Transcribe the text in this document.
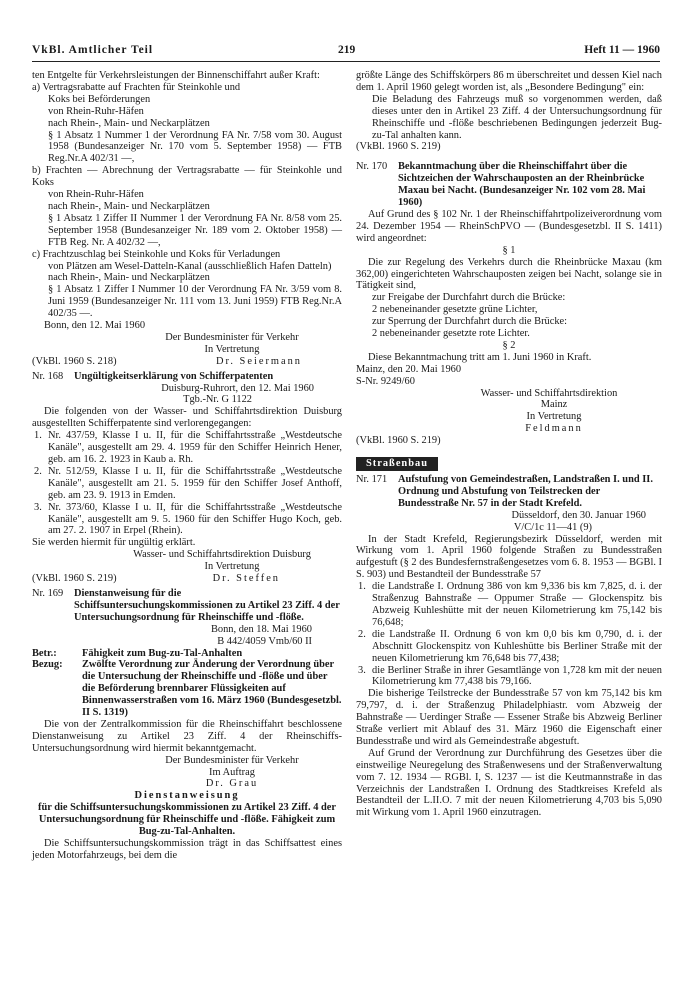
VkBl. Amtlicher Teil	219	Heft 11 — 1960

ten Entgelte für Verkehrsleistungen der Binnenschiffahrt außer Kraft:

a) Vertragsrabatte auf Frachten für Steinkohle und

Koks bei Beförderungen

von Rhein-Ruhr-Häfen

nach Rhein-, Main- und Neckarplätzen

§ 1 Absatz 1 Nummer 1 der Verordnung FA Nr. 7/58 vom 30. August 1958 (Bundesanzeiger Nr. 170 vom 5. September 1958) — FTB Reg.Nr.A 402/31 —,

b) Frachten — Abrechnung der Vertragsrabatte — für Steinkohle und Koks

von Rhein-Ruhr-Häfen

nach Rhein-, Main- und Neckarplätzen

§ 1 Absatz 1 Ziffer II Nummer 1 der Verordnung FA Nr. 8/58 vom 25. September 1958 (Bundesanzeiger Nr. 189 vom 2. Oktober 1958) — FTB Reg. Nr. A 402/32 —,

c) Frachtzuschlag bei Steinkohle und Koks für Verladungen

von Plätzen am Wesel-Datteln-Kanal (ausschließlich Hafen Datteln)

nach Rhein-, Main- und Neckarplätzen

§ 1 Absatz 1 Ziffer I Nummer 10 der Verordnung FA Nr. 3/59 vom 8. Juni 1959 (Bundesanzeiger Nr. 111 vom 13. Juni 1959) FTB Reg.Nr.A 402/35 —.

Bonn, den 12. Mai 1960

Der Bundesminister für Verkehr

In Vertretung

(VkBl. 1960 S. 218)	Dr. Seiermann
Nr. 168 Ungültigkeitserklärung von Schifferpatenten

Duisburg-Ruhrort, den 12. Mai 1960

Tgb.-Nr. G 1122

Die folgenden von der Wasser- und Schiffahrtsdirektion Duisburg ausgestellten Schifferpatente sind verlorengegangen:

1. Nr. 437/59, Klasse I u. II, für die Schiffahrtsstraße „Westdeutsche Kanäle", ausgestellt am 29. 4. 1959 für den Schiffer Heinrich Hener, geb. am 16. 2. 1923 in Kaub a. Rh.
2. Nr. 512/59, Klasse I u. II, für die Schiffahrtsstraße „Westdeutsche Kanäle", ausgestellt am 21. 5. 1959 für den Schiffer Josef Anthoff, geb. am 23. 9. 1913 in Emden.
3. Nr. 373/60, Klasse I u. II, für die Schiffahrtsstraße „Westdeutsche Kanäle", ausgestellt am 9. 5. 1960 für den Schiffer Hugo Koch, geb. am 27. 2. 1907 in Erpel (Rhein).

Sie werden hiermit für ungültig erklärt.

Wasser- und Schiffahrtsdirektion Duisburg

In Vertretung

(VkBl. 1960 S. 219)	Dr. Steffen
Nr. 169 Dienstanweisung für die Schiffsuntersuchungskommissionen zu Artikel 23 Ziff. 4 der Untersuchungsordnung für Rheinschiffe und -flöße.

Bonn, den 18. Mai 1960

B 442/4059 Vmb/60 II

Betr.: Fähigkeit zum Bug-zu-Tal-Anhalten
Bezug: Zwölfte Verordnung zur Änderung der Verordnung über die Untersuchung der Rheinschiffe und -flöße und über die Beförderung brennbarer Flüssigkeiten auf Binnenwasserstraßen vom 16. März 1960 (Bundesgesetzbl. II S. 1319)

Die von der Zentralkommission für die Rheinschiffahrt beschlossene Dienstanweisung zu Artikel 23 Ziff. 4 der Rheinschiffs-Untersuchungsordnung wird hiermit bekanntgemacht.

Der Bundesminister für Verkehr

Im Auftrag

Dr. Grau

Dienstanweisung

für die Schiffsuntersuchungskommissionen zu Artikel 23 Ziff. 4 der Untersuchungsordnung für Rheinschiffe und -flöße. Fähigkeit zum Bug-zu-Tal-Anhalten.

Die Schiffsuntersuchungskommission trägt in das Schiffsattest eines jeden Motorfahrzeugs, bei dem die

größte Länge des Schiffskörpers 86 m überschreitet und dessen Kiel nach dem 1. April 1960 gelegt worden ist, als „Besondere Bedingung" ein:

Die Beladung des Fahrzeugs muß so vorgenommen werden, daß dieses unter den in Artikel 23 Ziff. 4 der Untersuchungsordnung für Rheinschiffe und -flöße beschriebenen Bedingungen jederzeit Bug-zu-Tal anhalten kann.

(VkBl. 1960 S. 219)

Nr. 170 Bekanntmachung über die Rheinschiffahrt über die Sichtzeichen der Wahrschauposten an der Rheinbrücke Maxau bei Nacht. (Bundesanzeiger Nr. 102 vom 28. Mai 1960)

Auf Grund des § 102 Nr. 1 der Rheinschiffahrtpolizeiverordnung vom 24. Dezember 1954 — RheinSchPVO — (Bundesgesetzbl. II S. 1411) wird angeordnet:

§ 1

Die zur Regelung des Verkehrs durch die Rheinbrücke Maxau (km 362,00) eingerichteten Wahrschauposten zeigen bei Nacht, solange sie in Tätigkeit sind,

zur Freigabe der Durchfahrt durch die Brücke:

2 nebeneinander gesetzte grüne Lichter,

zur Sperrung der Durchfahrt durch die Brücke:

2 nebeneinander gesetzte rote Lichter.

§ 2

Diese Bekanntmachung tritt am 1. Juni 1960 in Kraft.

Mainz, den 20. Mai 1960

S-Nr. 9249/60

Wasser- und Schiffahrtsdirektion

Mainz

In Vertretung

Feldmann

(VkBl. 1960 S. 219)

Straßenbau
Nr. 171 Aufstufung von Gemeindestraßen, Landstraßen I. und II. Ordnung und Abstufung von Teilstrecken der Bundesstraße Nr. 57 in der Stadt Krefeld.

Düsseldorf, den 30. Januar 1960

V/C/1c 11—41 (9)

In der Stadt Krefeld, Regierungsbezirk Düsseldorf, werden mit Wirkung vom 1. April 1960 folgende Straßen zu Bundesstraßen aufgestuft (§ 2 des Bundesfernstraßengesetzes vom 6. 8. 1953 — BGBl. I S. 903) und Bestandteil der Bundesstraße 57

1. die Landstraße I. Ordnung 386 von km 9,336 bis km 7,825, d. i. der Straßenzug Bahnstraße — Oppumer Straße — Glockenspitz bis Abzweig Kuhleshütte mit der neuen Kilometrierung km 75,142 bis 76,648;
2. die Landstraße II. Ordnung 6 von km 0,0 bis km 0,790, d. i. der Abschnitt Glockenspitz von Kuhleshütte bis Berliner Straße mit der neuen Kilometrierung km 76,648 bis 77,438;
3. die Berliner Straße in ihrer Gesamtlänge von 1,728 km mit der neuen Kilometrierung km 77,438 bis 79,166.

Die bisherige Teilstrecke der Bundesstraße 57 von km 75,142 bis km 79,797, d. i. der Straßenzug Philadelphiastr. vom Abzweig der Bahnstraße — Uerdinger Straße — Essener Straße bis Abzweig Berliner Straße verliert mit Ablauf des 31. März 1960 die Eigenschaft einer Bundesstraße und wird als Gemeindestraße abgestuft.

Auf Grund der Verordnung zur Durchführung des Gesetzes über die einstweilige Neuregelung des Straßenwesens und der Straßenverwaltung vom 7. 12. 1934 — RGBl. I, S. 1237 — ist die Keutmannstraße in das Verzeichnis der Landstraßen I. Ordnung des Stadtkreises Krefeld als Bestandteil der L.II.O. 7 mit der neuen Kilometrierung 4,703 bis 5,090 mit Wirkung vom 1. April 1960 einzutragen.
